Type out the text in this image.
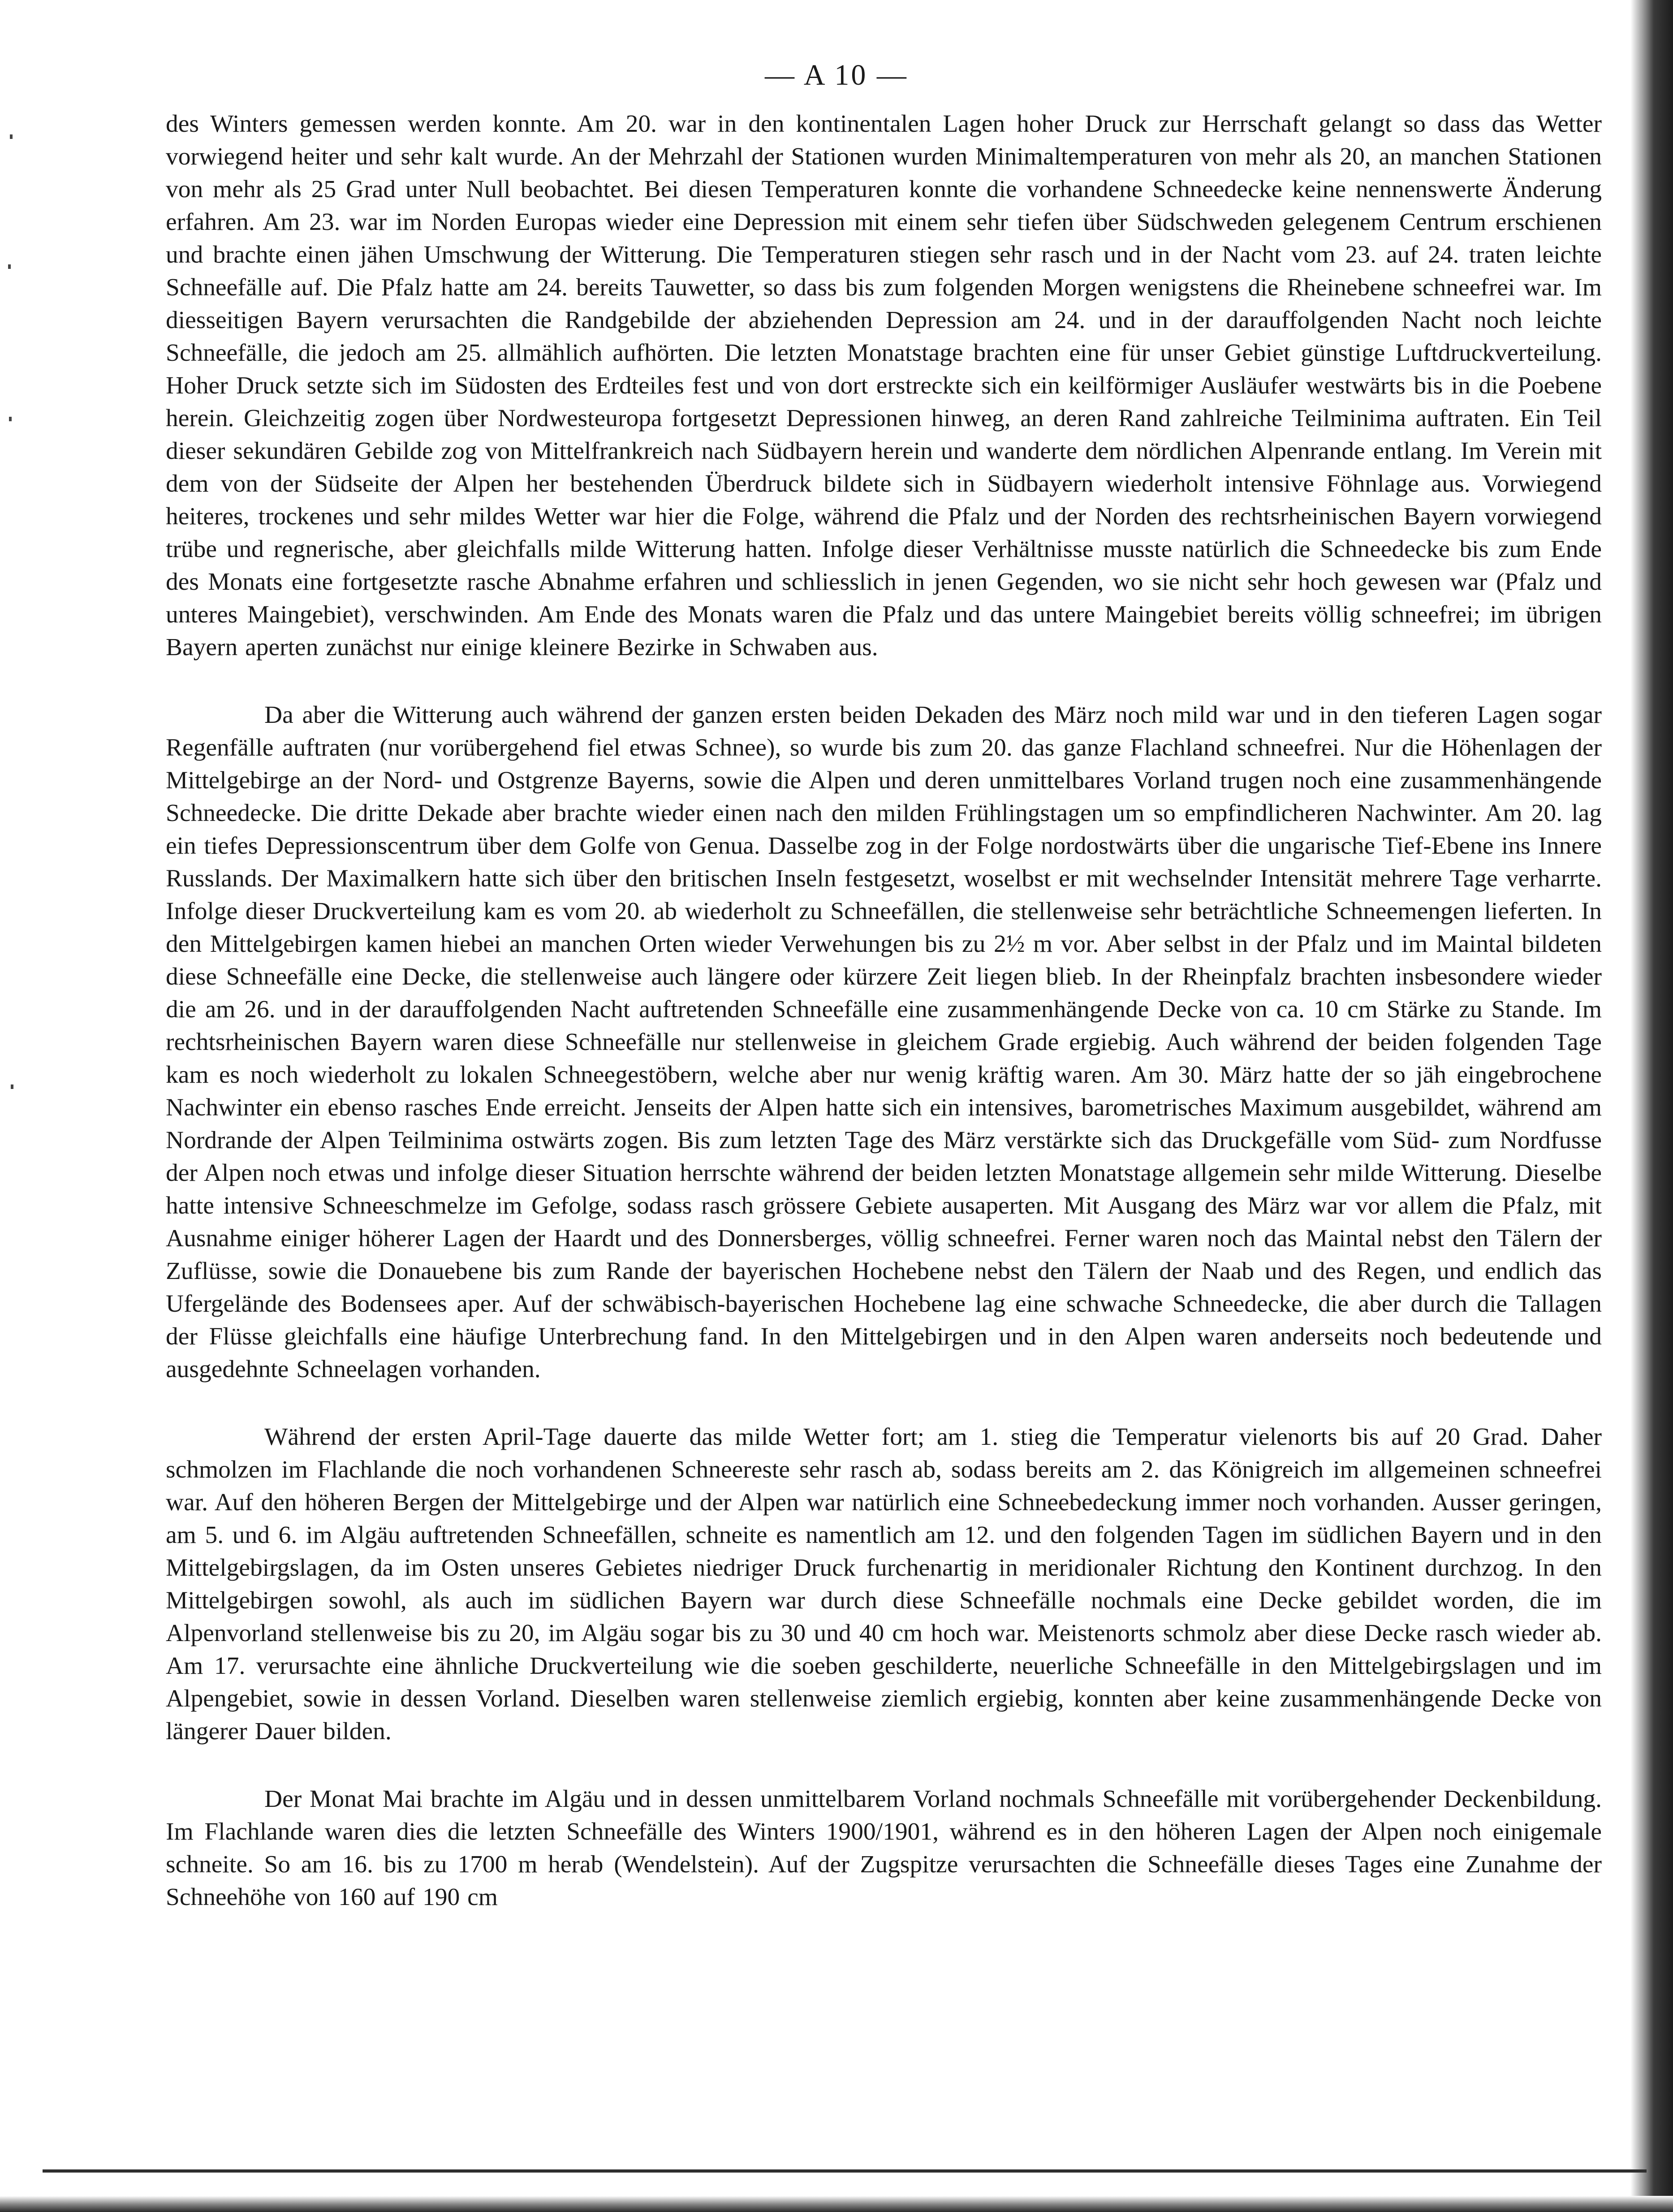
— A 10 —

des Winters gemessen werden konnte. Am 20. war in den kontinentalen Lagen hoher Druck zur Herrschaft gelangt so dass das Wetter vorwiegend heiter und sehr kalt wurde. An der Mehrzahl der Stationen wurden Minimaltemperaturen von mehr als 20, an manchen Stationen von mehr als 25 Grad unter Null beobachtet. Bei diesen Temperaturen konnte die vorhandene Schneedecke keine nennenswerte Änderung erfahren. Am 23. war im Norden Europas wieder eine Depression mit einem sehr tiefen über Südschweden gelegenem Centrum erschienen und brachte einen jähen Umschwung der Witterung. Die Temperaturen stiegen sehr rasch und in der Nacht vom 23. auf 24. traten leichte Schneefälle auf. Die Pfalz hatte am 24. bereits Tauwetter, so dass bis zum folgenden Morgen wenigstens die Rheinebene schneefrei war. Im diesseitigen Bayern verursachten die Randgebilde der abziehenden Depression am 24. und in der darauffolgenden Nacht noch leichte Schneefälle, die jedoch am 25. allmählich aufhörten. Die letzten Monatstage brachten eine für unser Gebiet günstige Luftdruckverteilung. Hoher Druck setzte sich im Südosten des Erdteiles fest und von dort erstreckte sich ein keilförmiger Ausläufer westwärts bis in die Poebene herein. Gleichzeitig zogen über Nordwesteuropa fortgesetzt Depressionen hinweg, an deren Rand zahlreiche Teilminima auftraten. Ein Teil dieser sekundären Gebilde zog von Mittelfrankreich nach Südbayern herein und wanderte dem nördlichen Alpenrande entlang. Im Verein mit dem von der Südseite der Alpen her bestehenden Überdruck bildete sich in Südbayern wiederholt intensive Föhnlage aus. Vorwiegend heiteres, trockenes und sehr mildes Wetter war hier die Folge, während die Pfalz und der Norden des rechtsrheinischen Bayern vorwiegend trübe und regnerische, aber gleichfalls milde Witterung hatten. Infolge dieser Verhältnisse musste natürlich die Schneedecke bis zum Ende des Monats eine fortgesetzte rasche Abnahme erfahren und schliesslich in jenen Gegenden, wo sie nicht sehr hoch gewesen war (Pfalz und unteres Maingebiet), verschwinden. Am Ende des Monats waren die Pfalz und das untere Maingebiet bereits völlig schneefrei; im übrigen Bayern aperten zunächst nur einige kleinere Bezirke in Schwaben aus.

Da aber die Witterung auch während der ganzen ersten beiden Dekaden des März noch mild war und in den tieferen Lagen sogar Regenfälle auftraten (nur vorübergehend fiel etwas Schnee), so wurde bis zum 20. das ganze Flachland schneefrei. Nur die Höhenlagen der Mittelgebirge an der Nord- und Ostgrenze Bayerns, sowie die Alpen und deren unmittelbares Vorland trugen noch eine zusammenhängende Schneedecke. Die dritte Dekade aber brachte wieder einen nach den milden Frühlingstagen um so empfindlicheren Nachwinter. Am 20. lag ein tiefes Depressionscentrum über dem Golfe von Genua. Dasselbe zog in der Folge nordostwärts über die ungarische Tief-Ebene ins Innere Russlands. Der Maximalkern hatte sich über den britischen Inseln festgesetzt, woselbst er mit wechselnder Intensität mehrere Tage verharrte. Infolge dieser Druckverteilung kam es vom 20. ab wiederholt zu Schneefällen, die stellenweise sehr beträchtliche Schneemengen lieferten. In den Mittelgebirgen kamen hiebei an manchen Orten wieder Verwehungen bis zu 2½ m vor. Aber selbst in der Pfalz und im Maintal bildeten diese Schneefälle eine Decke, die stellenweise auch längere oder kürzere Zeit liegen blieb. In der Rheinpfalz brachten insbesondere wieder die am 26. und in der darauffolgenden Nacht auftretenden Schneefälle eine zusammenhängende Decke von ca. 10 cm Stärke zu Stande. Im rechtsrheinischen Bayern waren diese Schneefälle nur stellenweise in gleichem Grade ergiebig. Auch während der beiden folgenden Tage kam es noch wiederholt zu lokalen Schneegestöbern, welche aber nur wenig kräftig waren. Am 30. März hatte der so jäh eingebrochene Nachwinter ein ebenso rasches Ende erreicht. Jenseits der Alpen hatte sich ein intensives, barometrisches Maximum ausgebildet, während am Nordrande der Alpen Teilminima ostwärts zogen. Bis zum letzten Tage des März verstärkte sich das Druckgefälle vom Süd- zum Nordfusse der Alpen noch etwas und infolge dieser Situation herrschte während der beiden letzten Monatstage allgemein sehr milde Witterung. Dieselbe hatte intensive Schneeschmelze im Gefolge, sodass rasch grössere Gebiete ausaperten. Mit Ausgang des März war vor allem die Pfalz, mit Ausnahme einiger höherer Lagen der Haardt und des Donnersberges, völlig schneefrei. Ferner waren noch das Maintal nebst den Tälern der Zuflüsse, sowie die Donauebene bis zum Rande der bayerischen Hochebene nebst den Tälern der Naab und des Regen, und endlich das Ufergelände des Bodensees aper. Auf der schwäbisch-bayerischen Hochebene lag eine schwache Schneedecke, die aber durch die Tallagen der Flüsse gleichfalls eine häufige Unterbrechung fand. In den Mittelgebirgen und in den Alpen waren anderseits noch bedeutende und ausgedehnte Schneelagen vorhanden.

Während der ersten April-Tage dauerte das milde Wetter fort; am 1. stieg die Temperatur vielenorts bis auf 20 Grad. Daher schmolzen im Flachlande die noch vorhandenen Schneereste sehr rasch ab, sodass bereits am 2. das Königreich im allgemeinen schneefrei war. Auf den höheren Bergen der Mittelgebirge und der Alpen war natürlich eine Schneebedeckung immer noch vorhanden. Ausser geringen, am 5. und 6. im Algäu auftretenden Schneefällen, schneite es namentlich am 12. und den folgenden Tagen im südlichen Bayern und in den Mittelgebirgslagen, da im Osten unseres Gebietes niedriger Druck furchenartig in meridionaler Richtung den Kontinent durchzog. In den Mittelgebirgen sowohl, als auch im südlichen Bayern war durch diese Schneefälle nochmals eine Decke gebildet worden, die im Alpenvorland stellenweise bis zu 20, im Algäu sogar bis zu 30 und 40 cm hoch war. Meistenorts schmolz aber diese Decke rasch wieder ab. Am 17. verursachte eine ähnliche Druckverteilung wie die soeben geschilderte, neuerliche Schneefälle in den Mittelgebirgslagen und im Alpengebiet, sowie in dessen Vorland. Dieselben waren stellenweise ziemlich ergiebig, konnten aber keine zusammenhängende Decke von längerer Dauer bilden.

Der Monat Mai brachte im Algäu und in dessen unmittelbarem Vorland nochmals Schneefälle mit vorübergehender Deckenbildung. Im Flachlande waren dies die letzten Schneefälle des Winters 1900/1901, während es in den höheren Lagen der Alpen noch einigemale schneite. So am 16. bis zu 1700 m herab (Wendelstein). Auf der Zugspitze verursachten die Schneefälle dieses Tages eine Zunahme der Schneehöhe von 160 auf 190 cm
